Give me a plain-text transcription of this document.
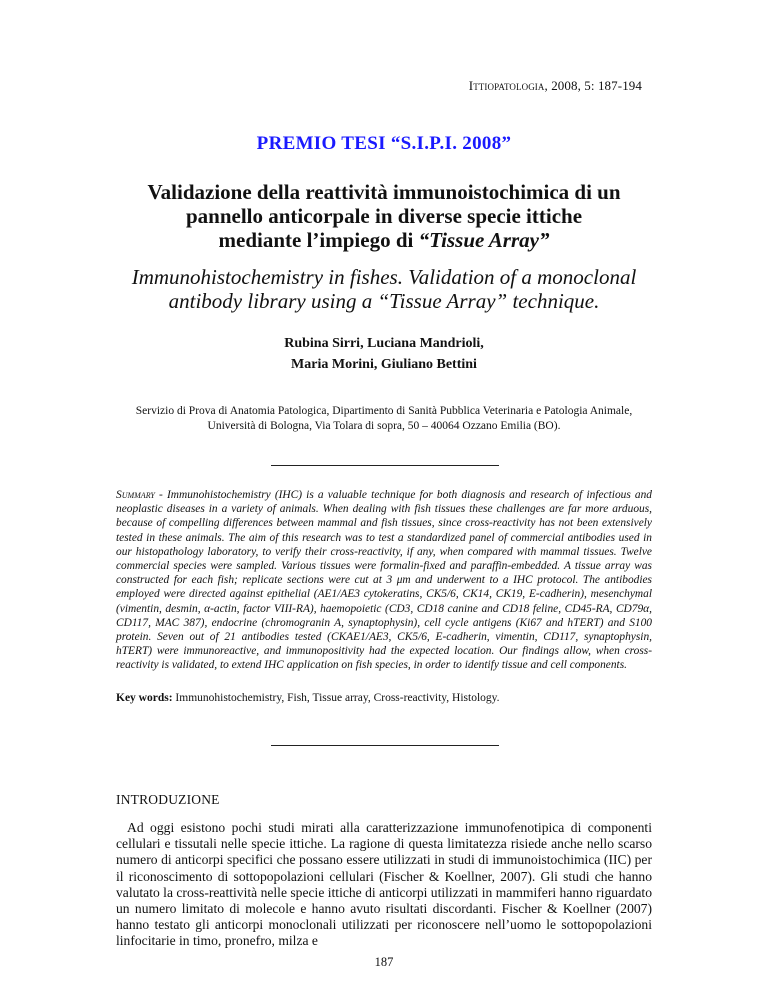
Ittiopatologia, 2008, 5: 187-194
PREMIO TESI “S.I.P.I. 2008”
Validazione della reattività immunoistochimica di un
pannello anticorpale in diverse specie ittiche
mediante l’impiego di “Tissue Array”
Immunohistochemistry in fishes. Validation of a monoclonal
antibody library using a “Tissue Array” technique.
Rubina Sirri, Luciana Mandrioli,
Maria Morini, Giuliano Bettini
Servizio di Prova di Anatomia Patologica, Dipartimento di Sanità Pubblica Veterinaria e Patologia Animale,
Università di Bologna, Via Tolara di sopra, 50 – 40064 Ozzano Emilia (BO).
Summary - Immunohistochemistry (IHC) is a valuable technique for both diagnosis and research of infectious and neoplastic diseases in a variety of animals. When dealing with fish tissues these challenges are far more arduous, because of compelling differences between mammal and fish tissues, since cross-reactivity has not been extensively tested in these animals. The aim of this research was to test a standardized panel of commercial antibodies used in our histopathology laboratory, to verify their cross-reactivity, if any, when compared with mammal tissues. Twelve commercial species were sampled. Various tissues were formalin-fixed and paraffin-embedded. A tissue array was constructed for each fish; replicate sections were cut at 3 μm and underwent to a IHC protocol. The antibodies employed were directed against epithelial (AE1/AE3 cytokeratins, CK5/6, CK14, CK19, E-cadherin), mesenchymal (vimentin, desmin, α-actin, factor VIII-RA), haemopoietic (CD3, CD18 canine and CD18 feline, CD45-RA, CD79α, CD117, MAC 387), endocrine (chromogranin A, synaptophysin), cell cycle antigens (Ki67 and hTERT) and S100 protein. Seven out of 21 antibodies tested (CKAE1/AE3, CK5/6, E-cadherin, vimentin, CD117, synaptophysin, hTERT) were immunoreactive, and immunopositivity had the expected location. Our findings allow, when cross-reactivity is validated, to extend IHC application on fish species, in order to identify tissue and cell components.
Key words: Immunohistochemistry, Fish, Tissue array, Cross-reactivity, Histology.
INTRODUZIONE
Ad oggi esistono pochi studi mirati alla caratterizzazione immunofenotipica di componenti cellulari e tissutali nelle specie ittiche. La ragione di questa limitatezza risiede anche nello scarso numero di anticorpi specifici che possano essere utilizzati in studi di immunoistochimica (IIC) per il riconoscimento di sottopopolazioni cellulari (Fischer & Koellner, 2007). Gli studi che hanno valutato la cross-reattività nelle specie ittiche di anticorpi utilizzati in mammiferi hanno riguardato un numero limitato di molecole e hanno avuto risultati discordanti. Fischer & Koellner (2007) hanno testato gli anticorpi monoclonali utilizzati per riconoscere nell’uomo le sottopopolazioni linfocitarie in timo, pronefro, milza e
187
